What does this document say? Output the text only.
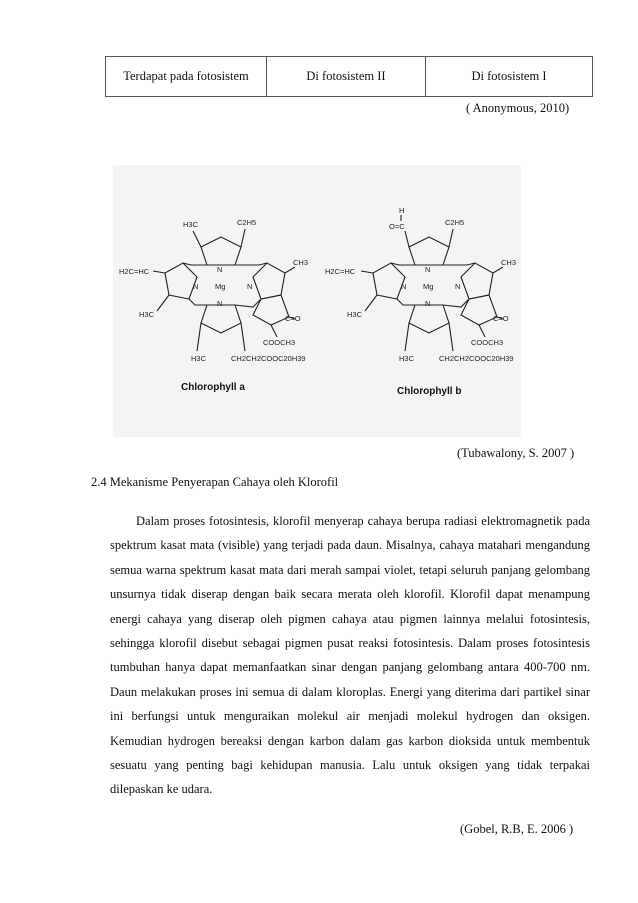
Terdapat pada fotosistem	Di fotosistem II	Di fotosistem I
( Anonymous, 2010)
H3C	C2H5
H2C=HC
CH3
N
N	N
N
Mg
H3C	C=O
COOCH3
H3C	CH2CH2COOC20H39
Chlorophyll a
H
O=C	C2H5
H2C=HC
CH3
N
N	N
N
Mg
H3C	C=O
COOCH3
H3C	CH2CH2COOC20H39
Chlorophyll b
(Tubawalony, S. 2007 )
2.4 Mekanisme Penyerapan Cahaya oleh Klorofil

Dalam proses fotosintesis, klorofil menyerap cahaya berupa radiasi elektromagnetik pada spektrum kasat mata (visible) yang terjadi pada daun. Misalnya, cahaya matahari mengandung semua warna spektrum kasat mata dari merah sampai violet, tetapi seluruh panjang gelombang unsurnya tidak diserap dengan baik secara merata oleh klorofil. Klorofil dapat menampung energi cahaya yang diserap oleh pigmen cahaya atau pigmen lainnya melalui fotosintesis, sehingga klorofil disebut sebagai pigmen pusat reaksi fotosintesis. Dalam proses fotosintesis tumbuhan hanya dapat memanfaatkan sinar dengan panjang gelombang antara 400-700 nm. Daun melakukan proses ini semua di dalam kloroplas. Energi yang diterima dari partikel sinar ini berfungsi untuk menguraikan molekul air menjadi molekul hydrogen dan oksigen. Kemudian hydrogen bereaksi dengan karbon dalam gas karbon dioksida untuk membentuk sesuatu yang penting bagi kehidupan manusia. Lalu untuk oksigen yang tidak terpakai dilepaskan ke udara.

(Gobel, R.B, E. 2006 )
